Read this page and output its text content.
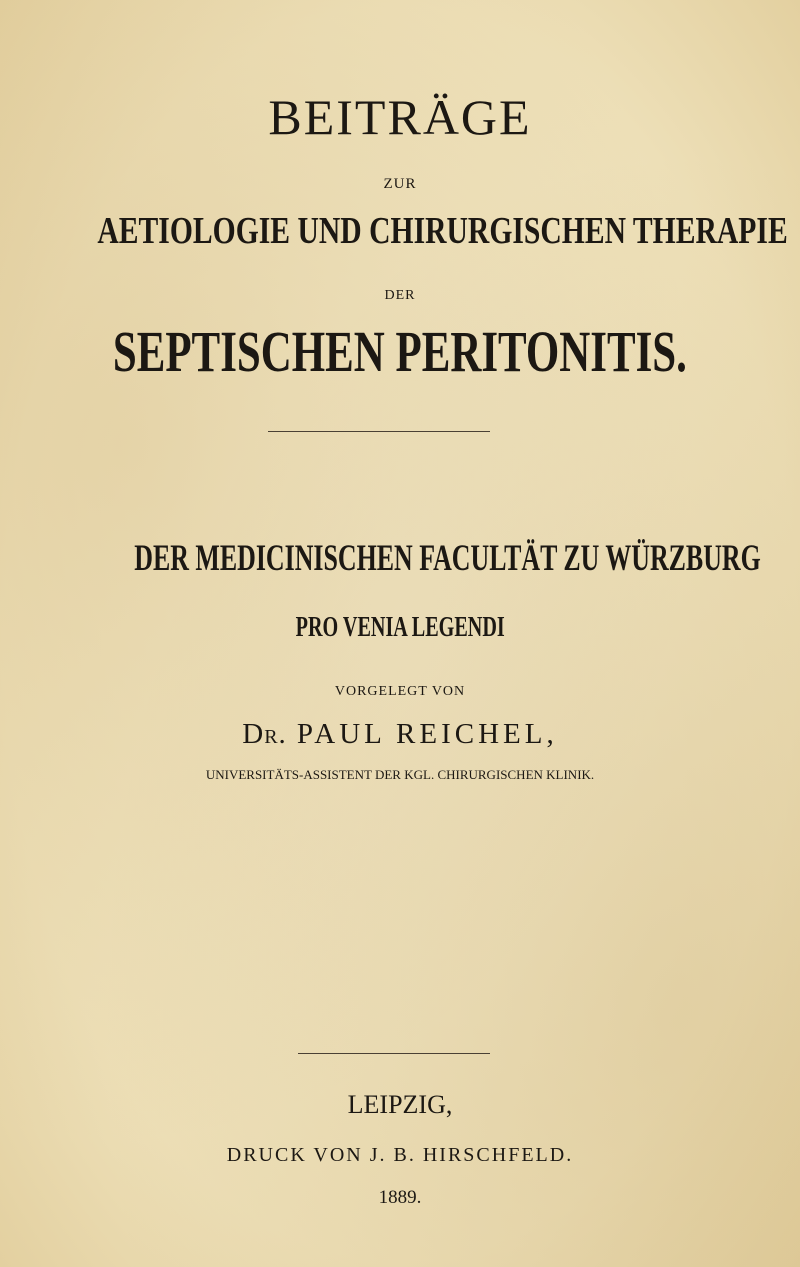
BEITRÄGE
ZUR
AETIOLOGIE UND CHIRURGISCHEN THERAPIE
DER
SEPTISCHEN PERITONITIS.
DER MEDICINISCHEN FACULTÄT ZU WÜRZBURG
PRO VENIA LEGENDI
VORGELEGT VON
Dr. PAUL REICHEL,
UNIVERSITÄTS-ASSISTENT DER KGL. CHIRURGISCHEN KLINIK.
LEIPZIG,
DRUCK VON J. B. HIRSCHFELD.
1889.
